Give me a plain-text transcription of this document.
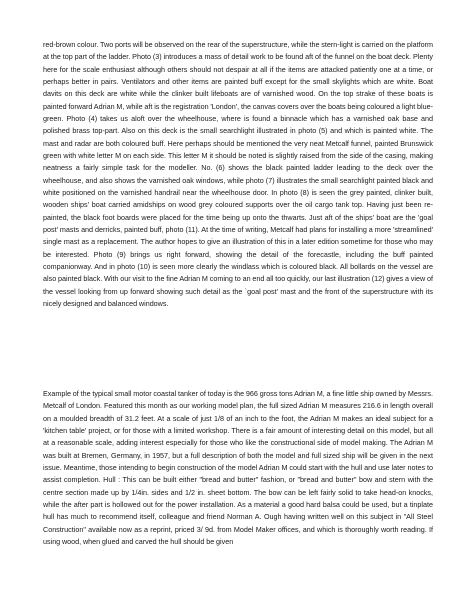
red-brown colour. Two ports will be observed on the rear of the superstructure, while the stern-light is carried on the platform at the top part of the ladder. Photo (3) introduces a mass of detail work to be found aft of the funnel on the boat deck. Plenty here for the scale enthusiast although others should not despair at all if the items are attacked patiently one at a time, or perhaps better in pairs. Ventilators and other items are painted buff except for the small skylights which are white. Boat davits on this deck are white while the clinker built lifeboats are of varnished wood. On the top strake of these boats is painted forward Adrian M, while aft is the registration 'London', the canvas covers over the boats being coloured a light blue-green. Photo (4) takes us aloft over the wheelhouse, where is found a binnacle which has a varnished oak base and polished brass top-part. Also on this deck is the small searchlight illustrated in photo (5) and which is painted white. The mast and radar are both coloured buff. Here perhaps should be mentioned the very neat Metcalf funnel, painted Brunswick green with white letter M on each side. This letter M it should be noted is slightly raised from the side of the casing, making neatness a fairly simple task for the modeller. No. (6) shows the black painted ladder leading to the deck over the wheelhouse, and also shows the varnished oak windows, while photo (7) illustrates the small searchlight painted black and white positioned on the varnished handrail near the wheelhouse door. In photo (8) is seen the grey painted, clinker built, wooden ships' boat carried amidships on wood grey coloured supports over the oil cargo tank top. Having just been re-painted, the black foot boards were placed for the time being up onto the thwarts. Just aft of the ships' boat are the 'goal post' masts and derricks, painted buff, photo (11). At the time of writing, Metcalf had plans for installing a more 'streamlined' single mast as a replacement. The author hopes to give an illustration of this in a later edition sometime for those who may be interested. Photo (9) brings us right forward, showing the detail of the forecastle, including the buff painted companionway. And in photo (10) is seen more clearly the windlass which is coloured black. All bollards on the vessel are also painted black. With our visit to the fine Adrian M coming to an end all too quickly, our last illustration (12) gives a view of the vessel looking from up forward showing such detail as the `goal post' mast and the front of the superstructure with its nicely designed and balanced windows.

Example of the typical small motor coastal tanker of today is the 966 gross tons Adrian M, a fine little ship owned by Messrs. Metcalf of London. Featured this month as our working model plan, the full sized Adrian M measures 216.6 in length overall on a moulded breadth of 31.2 feet. At a scale of just 1/8 of an inch to the foot, the Adrian M makes an ideal subject for a 'kitchen table' project, or for those with a limited workshop. There is a fair amount of interesting detail on this model, but all at a reasonable scale, adding interest especially for those who like the constructional side of model making. The Adrian M was built at Bremen, Germany, in 1957, but a full description of both the model and full sized ship will be given in the next issue. Meantime, those intending to begin construction of the model Adrian M could start with the hull and use later notes to assist completion. Hull : This can be built either "bread and butter" fashion, or "bread and butter" bow and stern with the centre section made up by 1/4in. sides and 1/2 in. sheet bottom. The bow can be left fairly solid to take head-on knocks, while the after part is hollowed out for the power installation. As a material a good hard balsa could be used, but a tinplate hull has much to recommend itself, colleague and friend Norman A. Ough having written well on this subject in "All Steel Construction" available now as a reprint, priced 3/ 9d. from Model Maker offices, and which is thoroughly worth reading. If using wood, when glued and carved the hull should be given
